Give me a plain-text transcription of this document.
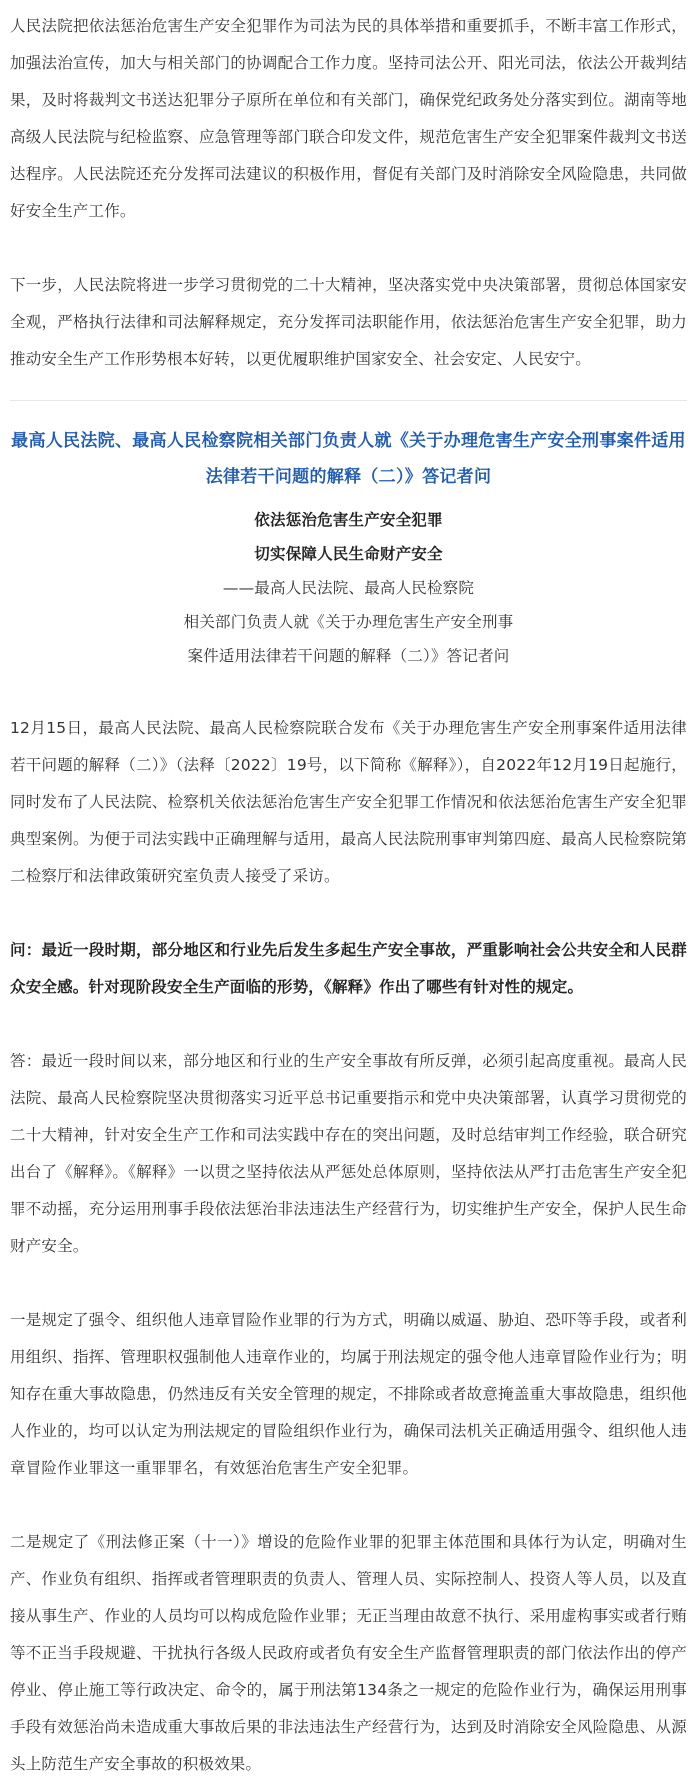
人民法院把依法惩治危害生产安全犯罪作为司法为民的具体举措和重要抓手，不断丰富工作形式，加强法治宣传，加大与相关部门的协调配合工作力度。坚持司法公开、阳光司法，依法公开裁判结果，及时将裁判文书送达犯罪分子原所在单位和有关部门，确保党纪政务处分落实到位。湖南等地高级人民法院与纪检监察、应急管理等部门联合印发文件，规范危害生产安全犯罪案件裁判文书送达程序。人民法院还充分发挥司法建议的积极作用，督促有关部门及时消除安全风险隐患，共同做好安全生产工作。

下一步，人民法院将进一步学习贯彻党的二十大精神，坚决落实党中央决策部署，贯彻总体国家安全观，严格执行法律和司法解释规定，充分发挥司法职能作用，依法惩治危害生产安全犯罪，助力推动安全生产工作形势根本好转，以更优履职维护国家安全、社会安定、人民安宁。

最高人民法院、最高人民检察院相关部门负责人就《关于办理危害生产安全刑事案件适用法律若干问题的解释（二）》答记者问

依法惩治危害生产安全犯罪

切实保障人民生命财产安全

——最高人民法院、最高人民检察院

相关部门负责人就《关于办理危害生产安全刑事

案件适用法律若干问题的解释（二）》答记者问

12月15日，最高人民法院、最高人民检察院联合发布《关于办理危害生产安全刑事案件适用法律若干问题的解释（二）》（法释〔2022〕19号，以下简称《解释》），自2022年12月19日起施行，同时发布了人民法院、检察机关依法惩治危害生产安全犯罪工作情况和依法惩治危害生产安全犯罪典型案例。为便于司法实践中正确理解与适用，最高人民法院刑事审判第四庭、最高人民检察院第二检察厅和法律政策研究室负责人接受了采访。

问：最近一段时期，部分地区和行业先后发生多起生产安全事故，严重影响社会公共安全和人民群众安全感。针对现阶段安全生产面临的形势，《解释》作出了哪些有针对性的规定。

答：最近一段时间以来，部分地区和行业的生产安全事故有所反弹，必须引起高度重视。最高人民法院、最高人民检察院坚决贯彻落实习近平总书记重要指示和党中央决策部署，认真学习贯彻党的二十大精神，针对安全生产工作和司法实践中存在的突出问题，及时总结审判工作经验，联合研究出台了《解释》。《解释》一以贯之坚持依法从严惩处总体原则，坚持依法从严打击危害生产安全犯罪不动摇，充分运用刑事手段依法惩治非法违法生产经营行为，切实维护生产安全，保护人民生命财产安全。

一是规定了强令、组织他人违章冒险作业罪的行为方式，明确以威逼、胁迫、恐吓等手段，或者利用组织、指挥、管理职权强制他人违章作业的，均属于刑法规定的强令他人违章冒险作业行为；明知存在重大事故隐患，仍然违反有关安全管理的规定，不排除或者故意掩盖重大事故隐患，组织他人作业的，均可以认定为刑法规定的冒险组织作业行为，确保司法机关正确适用强令、组织他人违章冒险作业罪这一重罪罪名，有效惩治危害生产安全犯罪。

二是规定了《刑法修正案（十一）》增设的危险作业罪的犯罪主体范围和具体行为认定，明确对生产、作业负有组织、指挥或者管理职责的负责人、管理人员、实际控制人、投资人等人员，以及直接从事生产、作业的人员均可以构成危险作业罪；无正当理由故意不执行、采用虚构事实或者行贿等不正当手段规避、干扰执行各级人民政府或者负有安全生产监督管理职责的部门依法作出的停产停业、停止施工等行政决定、命令的，属于刑法第134条之一规定的危险作业行为，确保运用刑事手段有效惩治尚未造成重大事故后果的非法违法生产经营行为，达到及时消除安全风险隐患、从源头上防范生产安全事故的积极效果。
